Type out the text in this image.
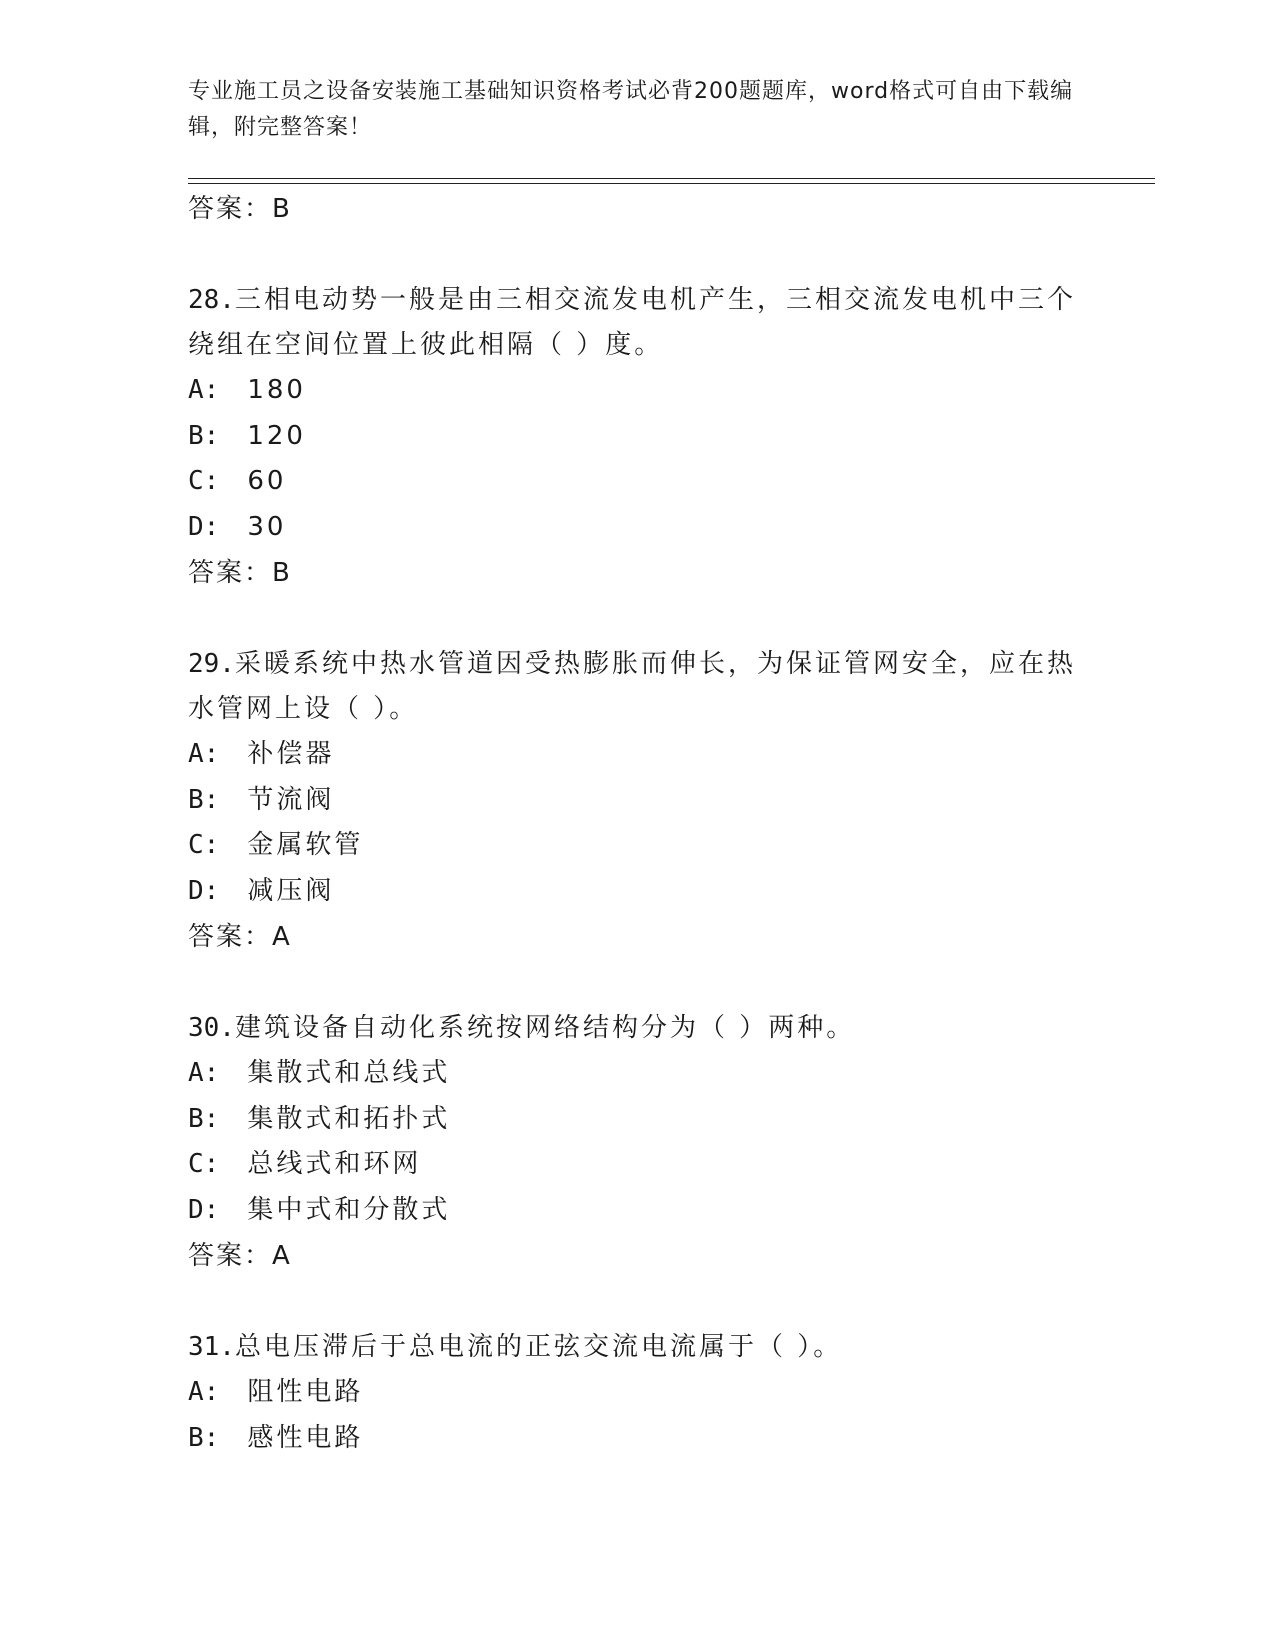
专业施工员之设备安装施工基础知识资格考试必背200题题库，word格式可自由下载编辑，附完整答案！
答案：B
28.三相电动势一般是由三相交流发电机产生，三相交流发电机中三个绕组在空间位置上彼此相隔（ ）度。
A: 180
B: 120
C: 60
D: 30
答案：B
29.采暖系统中热水管道因受热膨胀而伸长，为保证管网安全，应在热水管网上设（ ）。
A: 补偿器
B: 节流阀
C: 金属软管
D: 减压阀
答案：A
30.建筑设备自动化系统按网络结构分为（ ）两种。
A: 集散式和总线式
B: 集散式和拓扑式
C: 总线式和环网
D: 集中式和分散式
答案：A
31.总电压滞后于总电流的正弦交流电流属于（ ）。
A: 阻性电路
B: 感性电路
